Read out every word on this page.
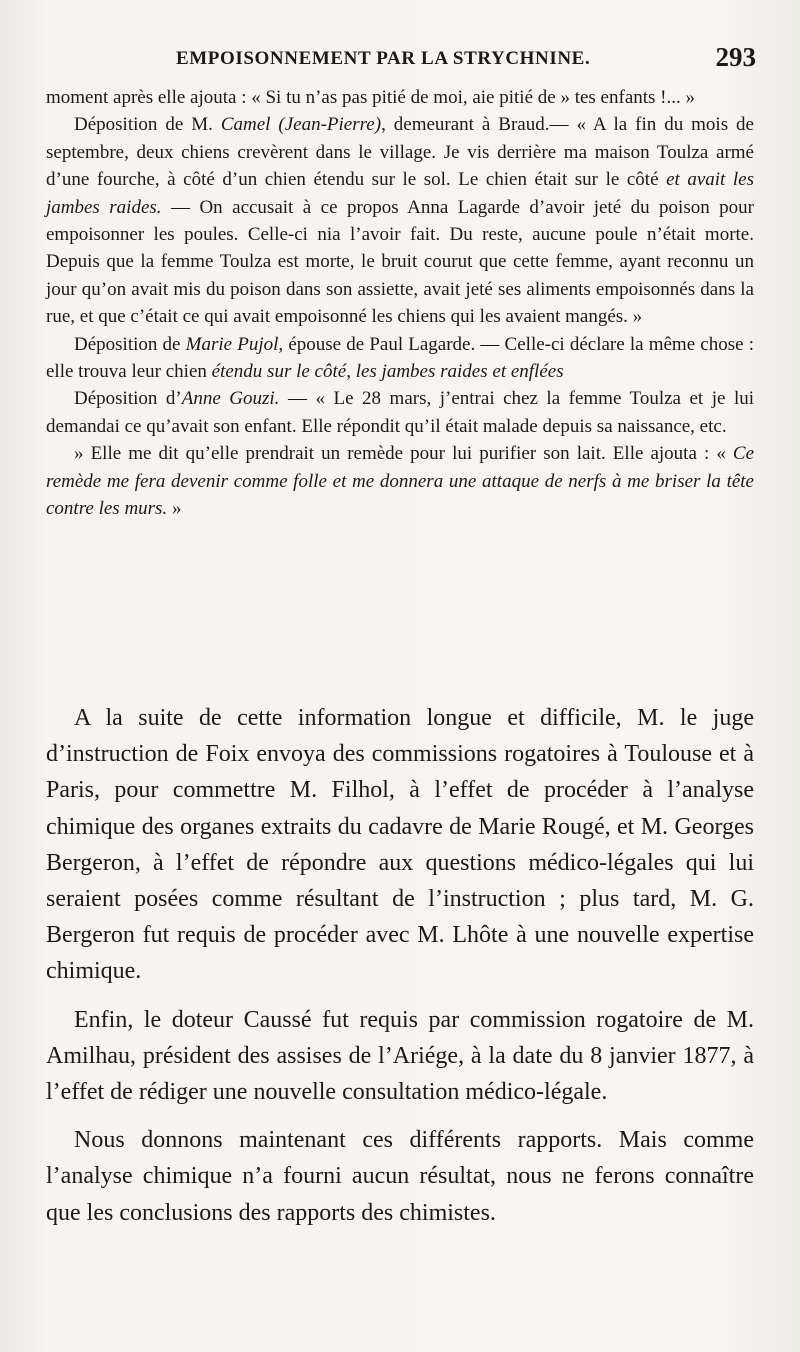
EMPOISONNEMENT PAR LA STRYCHNINE.	293

moment après elle ajouta : « Si tu n’as pas pitié de moi, aie pitié de » tes enfants !... »

Déposition de M. Camel (Jean-Pierre), demeurant à Braud.— « A la fin du mois de septembre, deux chiens crevèrent dans le village. Je vis derrière ma maison Toulza armé d’une fourche, à côté d’un chien étendu sur le sol. Le chien était sur le côté et avait les jambes raides. — On accusait à ce propos Anna Lagarde d’avoir jeté du poison pour empoisonner les poules. Celle-ci nia l’avoir fait. Du reste, aucune poule n’était morte. Depuis que la femme Toulza est morte, le bruit courut que cette femme, ayant reconnu un jour qu’on avait mis du poison dans son assiette, avait jeté ses aliments empoisonnés dans la rue, et que c’était ce qui avait empoisonné les chiens qui les avaient mangés. »

Déposition de Marie Pujol, épouse de Paul Lagarde. — Celle-ci déclare la même chose : elle trouva leur chien étendu sur le côté, les jambes raides et enflées

Déposition d’Anne Gouzi. — « Le 28 mars, j’entrai chez la femme Toulza et je lui demandai ce qu’avait son enfant. Elle répondit qu’il était malade depuis sa naissance, etc.

» Elle me dit qu’elle prendrait un remède pour lui purifier son lait. Elle ajouta : « Ce remède me fera devenir comme folle et me donnera une attaque de nerfs à me briser la tête contre les murs. »

A la suite de cette information longue et difficile, M. le juge d’instruction de Foix envoya des commissions rogatoires à Toulouse et à Paris, pour commettre M. Filhol, à l’effet de procéder à l’analyse chimique des organes extraits du cadavre de Marie Rougé, et M. Georges Bergeron, à l’effet de répondre aux questions médico-légales qui lui seraient posées comme résultant de l’instruction ; plus tard, M. G. Bergeron fut requis de procéder avec M. Lhôte à une nouvelle expertise chimique.

Enfin, le doteur Caussé fut requis par commission rogatoire de M. Amilhau, président des assises de l’Ariége, à la date du 8 janvier 1877, à l’effet de rédiger une nouvelle consultation médico-légale.

Nous donnons maintenant ces différents rapports. Mais comme l’analyse chimique n’a fourni aucun résultat, nous ne ferons connaître que les conclusions des rapports des chimistes.
